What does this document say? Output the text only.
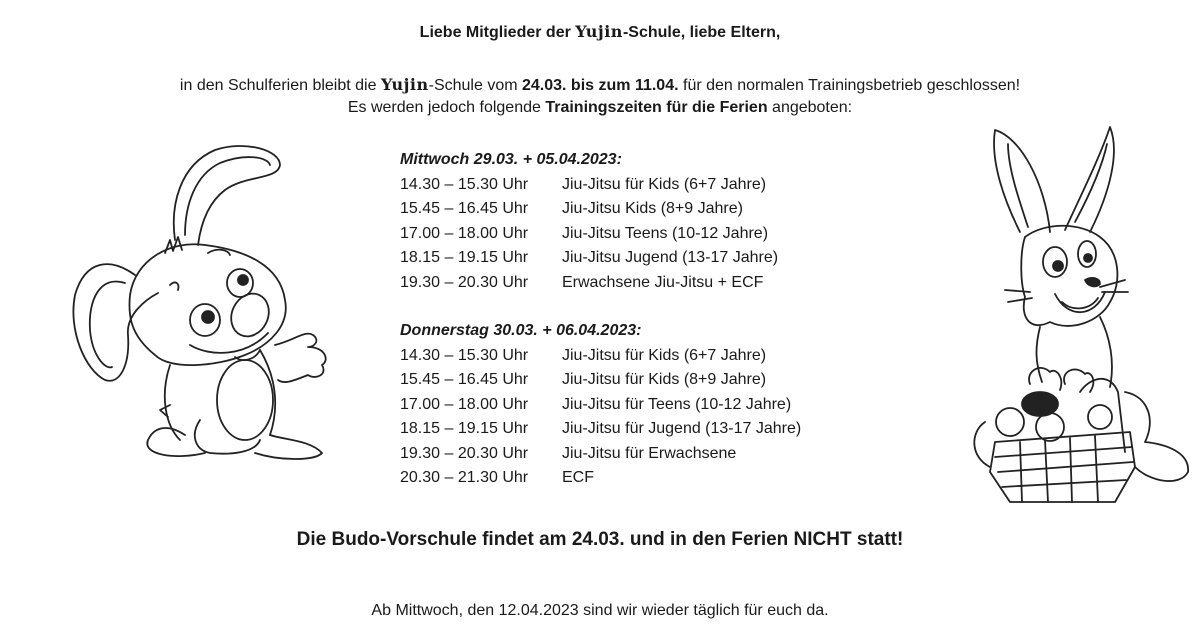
Liebe Mitglieder der Yujin-Schule, liebe Eltern,
in den Schulferien bleibt die Yujin-Schule vom 24.03. bis zum 11.04. für den normalen Trainingsbetrieb geschlossen!
Es werden jedoch folgende Trainingszeiten für die Ferien angeboten:
Mittwoch 29.03. + 05.04.2023:
14.30 – 15.30 Uhr	Jiu-Jitsu für Kids (6+7 Jahre)
15.45 – 16.45 Uhr	Jiu-Jitsu Kids (8+9 Jahre)
17.00 – 18.00 Uhr	Jiu-Jitsu Teens (10-12 Jahre)
18.15 – 19.15 Uhr	Jiu-Jitsu Jugend (13-17 Jahre)
19.30 – 20.30 Uhr	Erwachsene Jiu-Jitsu + ECF
Donnerstag 30.03. + 06.04.2023:
14.30 – 15.30 Uhr	Jiu-Jitsu für Kids (6+7 Jahre)
15.45 – 16.45 Uhr	Jiu-Jitsu für Kids (8+9 Jahre)
17.00 – 18.00 Uhr	Jiu-Jitsu für Teens (10-12 Jahre)
18.15 – 19.15 Uhr	Jiu-Jitsu für Jugend (13-17 Jahre)
19.30 – 20.30 Uhr	Jiu-Jitsu für Erwachsene
20.30 – 21.30 Uhr	ECF
Die Budo-Vorschule findet am 24.03. und in den Ferien NICHT statt!
Ab Mittwoch, den 12.04.2023 sind wir wieder täglich für euch da.
